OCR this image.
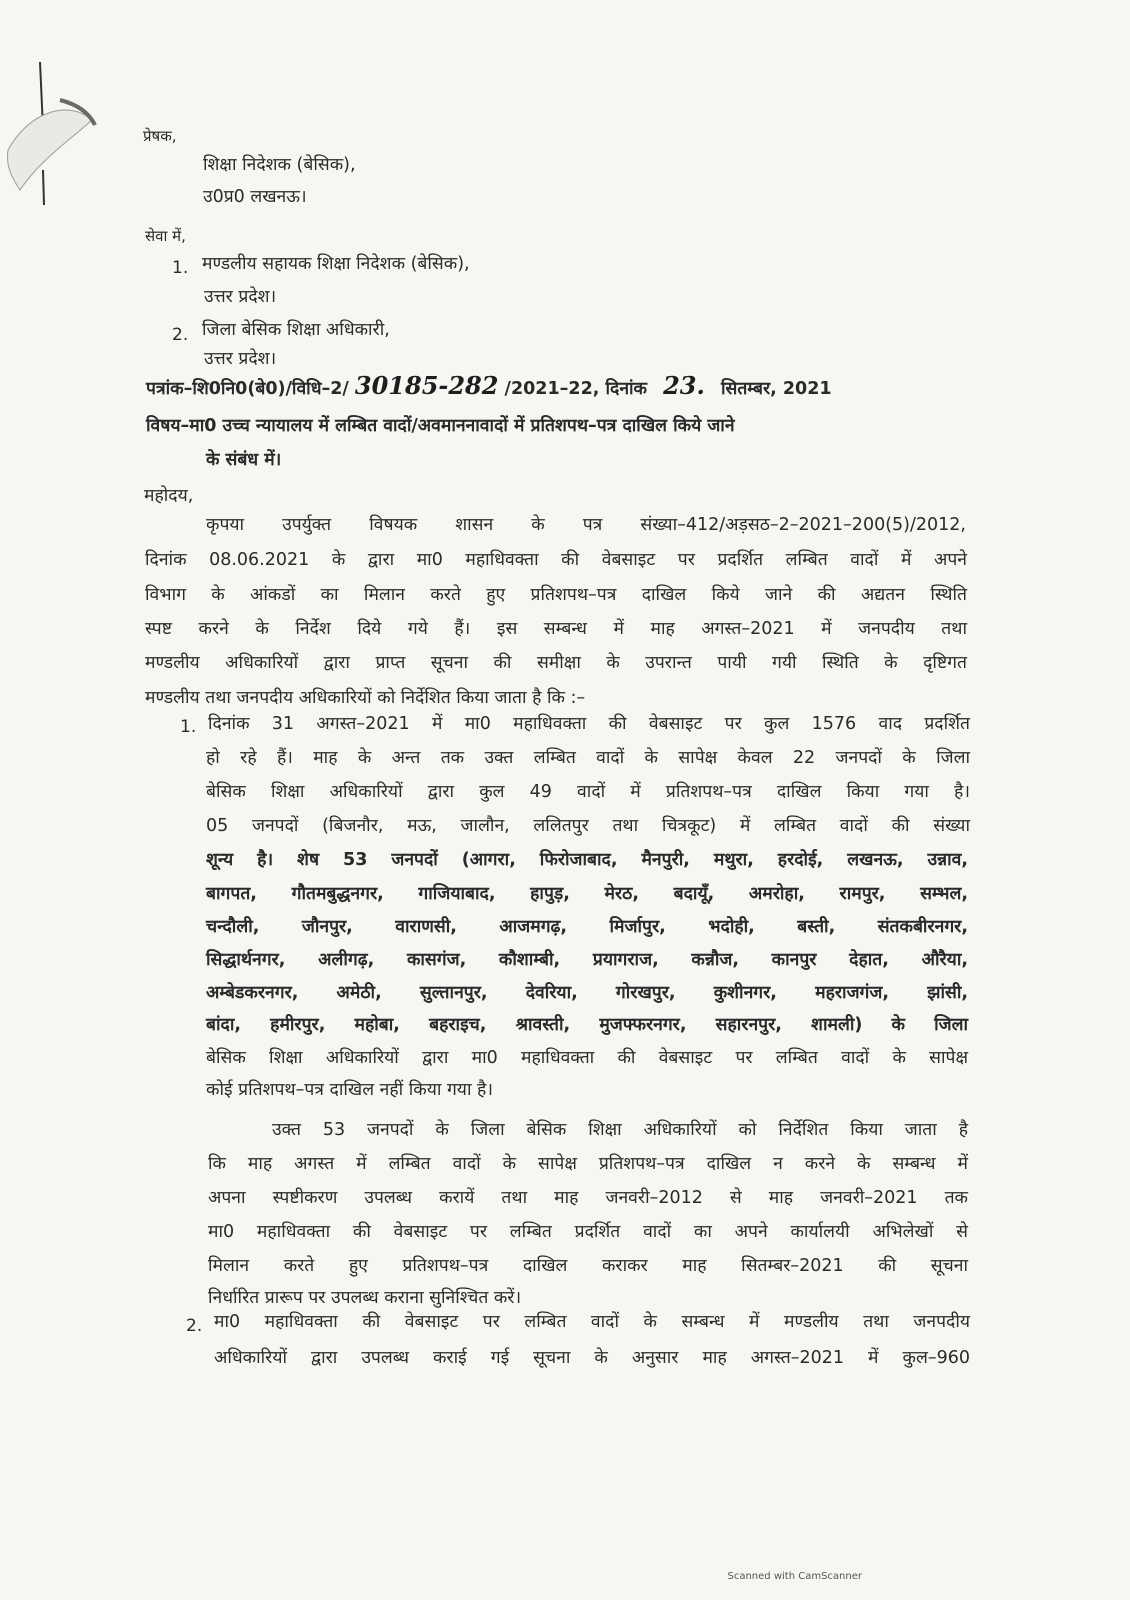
प्रेषक,
शिक्षा निदेशक (बेसिक),
उ0प्र0 लखनऊ।
सेवा में,
1. मण्डलीय सहायक शिक्षा निदेशक (बेसिक),
उत्तर प्रदेश।
2. जिला बेसिक शिक्षा अधिकारी,
उत्तर प्रदेश।
पत्रांक–शि0नि0(बे0)/विधि–2/ 30185-282 /2021–22, दिनांक 23. सितम्बर, 2021
विषय–मा0 उच्च न्यायालय में लम्बित वादों/अवमाननावादों में प्रतिशपथ–पत्र दाखिल किये जाने
के संबंध में।
महोदय,
कृपया उपर्युक्त विषयक शासन के पत्र संख्या–412/अड़सठ–2–2021–200(5)/2012,
दिनांक 08.06.2021 के द्वारा मा0 महाधिवक्ता की वेबसाइट पर प्रदर्शित लम्बित वादों में अपने
विभाग के आंकडों का मिलान करते हुए प्रतिशपथ–पत्र दाखिल किये जाने की अद्यतन स्थिति
स्पष्ट करने के निर्देश दिये गये हैं। इस सम्बन्ध में माह अगस्त–2021 में जनपदीय तथा
मण्डलीय अधिकारियों द्वारा प्राप्त सूचना की समीक्षा के उपरान्त पायी गयी स्थिति के दृष्टिगत
मण्डलीय तथा जनपदीय अधिकारियों को निर्देशित किया जाता है कि :–
1. दिनांक 31 अगस्त–2021 में मा0 महाधिवक्ता की वेबसाइट पर कुल 1576 वाद प्रदर्शित
हो रहे हैं। माह के अन्त तक उक्त लम्बित वादों के सापेक्ष केवल 22 जनपदों के जिला
बेसिक शिक्षा अधिकारियों द्वारा कुल 49 वादों में प्रतिशपथ–पत्र दाखिल किया गया है।
05 जनपदों (बिजनौर, मऊ, जालौन, ललितपुर तथा चित्रकूट) में लम्बित वादों की संख्या
शून्य है। शेष 53 जनपदों (आगरा, फिरोजाबाद, मैनपुरी, मथुरा, हरदोई, लखनऊ, उन्नाव,
बागपत, गौतमबुद्धनगर, गाजियाबाद, हापुड़, मेरठ, बदायूँ, अमरोहा, रामपुर, सम्भल,
चन्दौली, जौनपुर, वाराणसी, आजमगढ़, मिर्जापुर, भदोही, बस्ती, संतकबीरनगर,
सिद्धार्थनगर, अलीगढ़, कासगंज, कौशाम्बी, प्रयागराज, कन्नौज, कानपुर देहात, औरैया,
अम्बेडकरनगर, अमेठी, सुल्तानपुर, देवरिया, गोरखपुर, कुशीनगर, महराजगंज, झांसी,
बांदा, हमीरपुर, महोबा, बहराइच, श्रावस्ती, मुजफ्फरनगर, सहारनपुर, शामली) के जिला
बेसिक शिक्षा अधिकारियों द्वारा मा0 महाधिवक्ता की वेबसाइट पर लम्बित वादों के सापेक्ष
कोई प्रतिशपथ–पत्र दाखिल नहीं किया गया है।
उक्त 53 जनपदों के जिला बेसिक शिक्षा अधिकारियों को निर्देशित किया जाता है
कि माह अगस्त में लम्बित वादों के सापेक्ष प्रतिशपथ–पत्र दाखिल न करने के सम्बन्ध में
अपना स्पष्टीकरण उपलब्ध करायें तथा माह जनवरी–2012 से माह जनवरी–2021 तक
मा0 महाधिवक्ता की वेबसाइट पर लम्बित प्रदर्शित वादों का अपने कार्यालयी अभिलेखों से
मिलान करते हुए प्रतिशपथ–पत्र दाखिल कराकर माह सितम्बर–2021 की सूचना
निर्धारित प्रारूप पर उपलब्ध कराना सुनिश्चित करें।
2. मा0 महाधिवक्ता की वेबसाइट पर लम्बित वादों के सम्बन्ध में मण्डलीय तथा जनपदीय
अधिकारियों द्वारा उपलब्ध कराई गई सूचना के अनुसार माह अगस्त–2021 में कुल–960
Scanned with CamScanner
